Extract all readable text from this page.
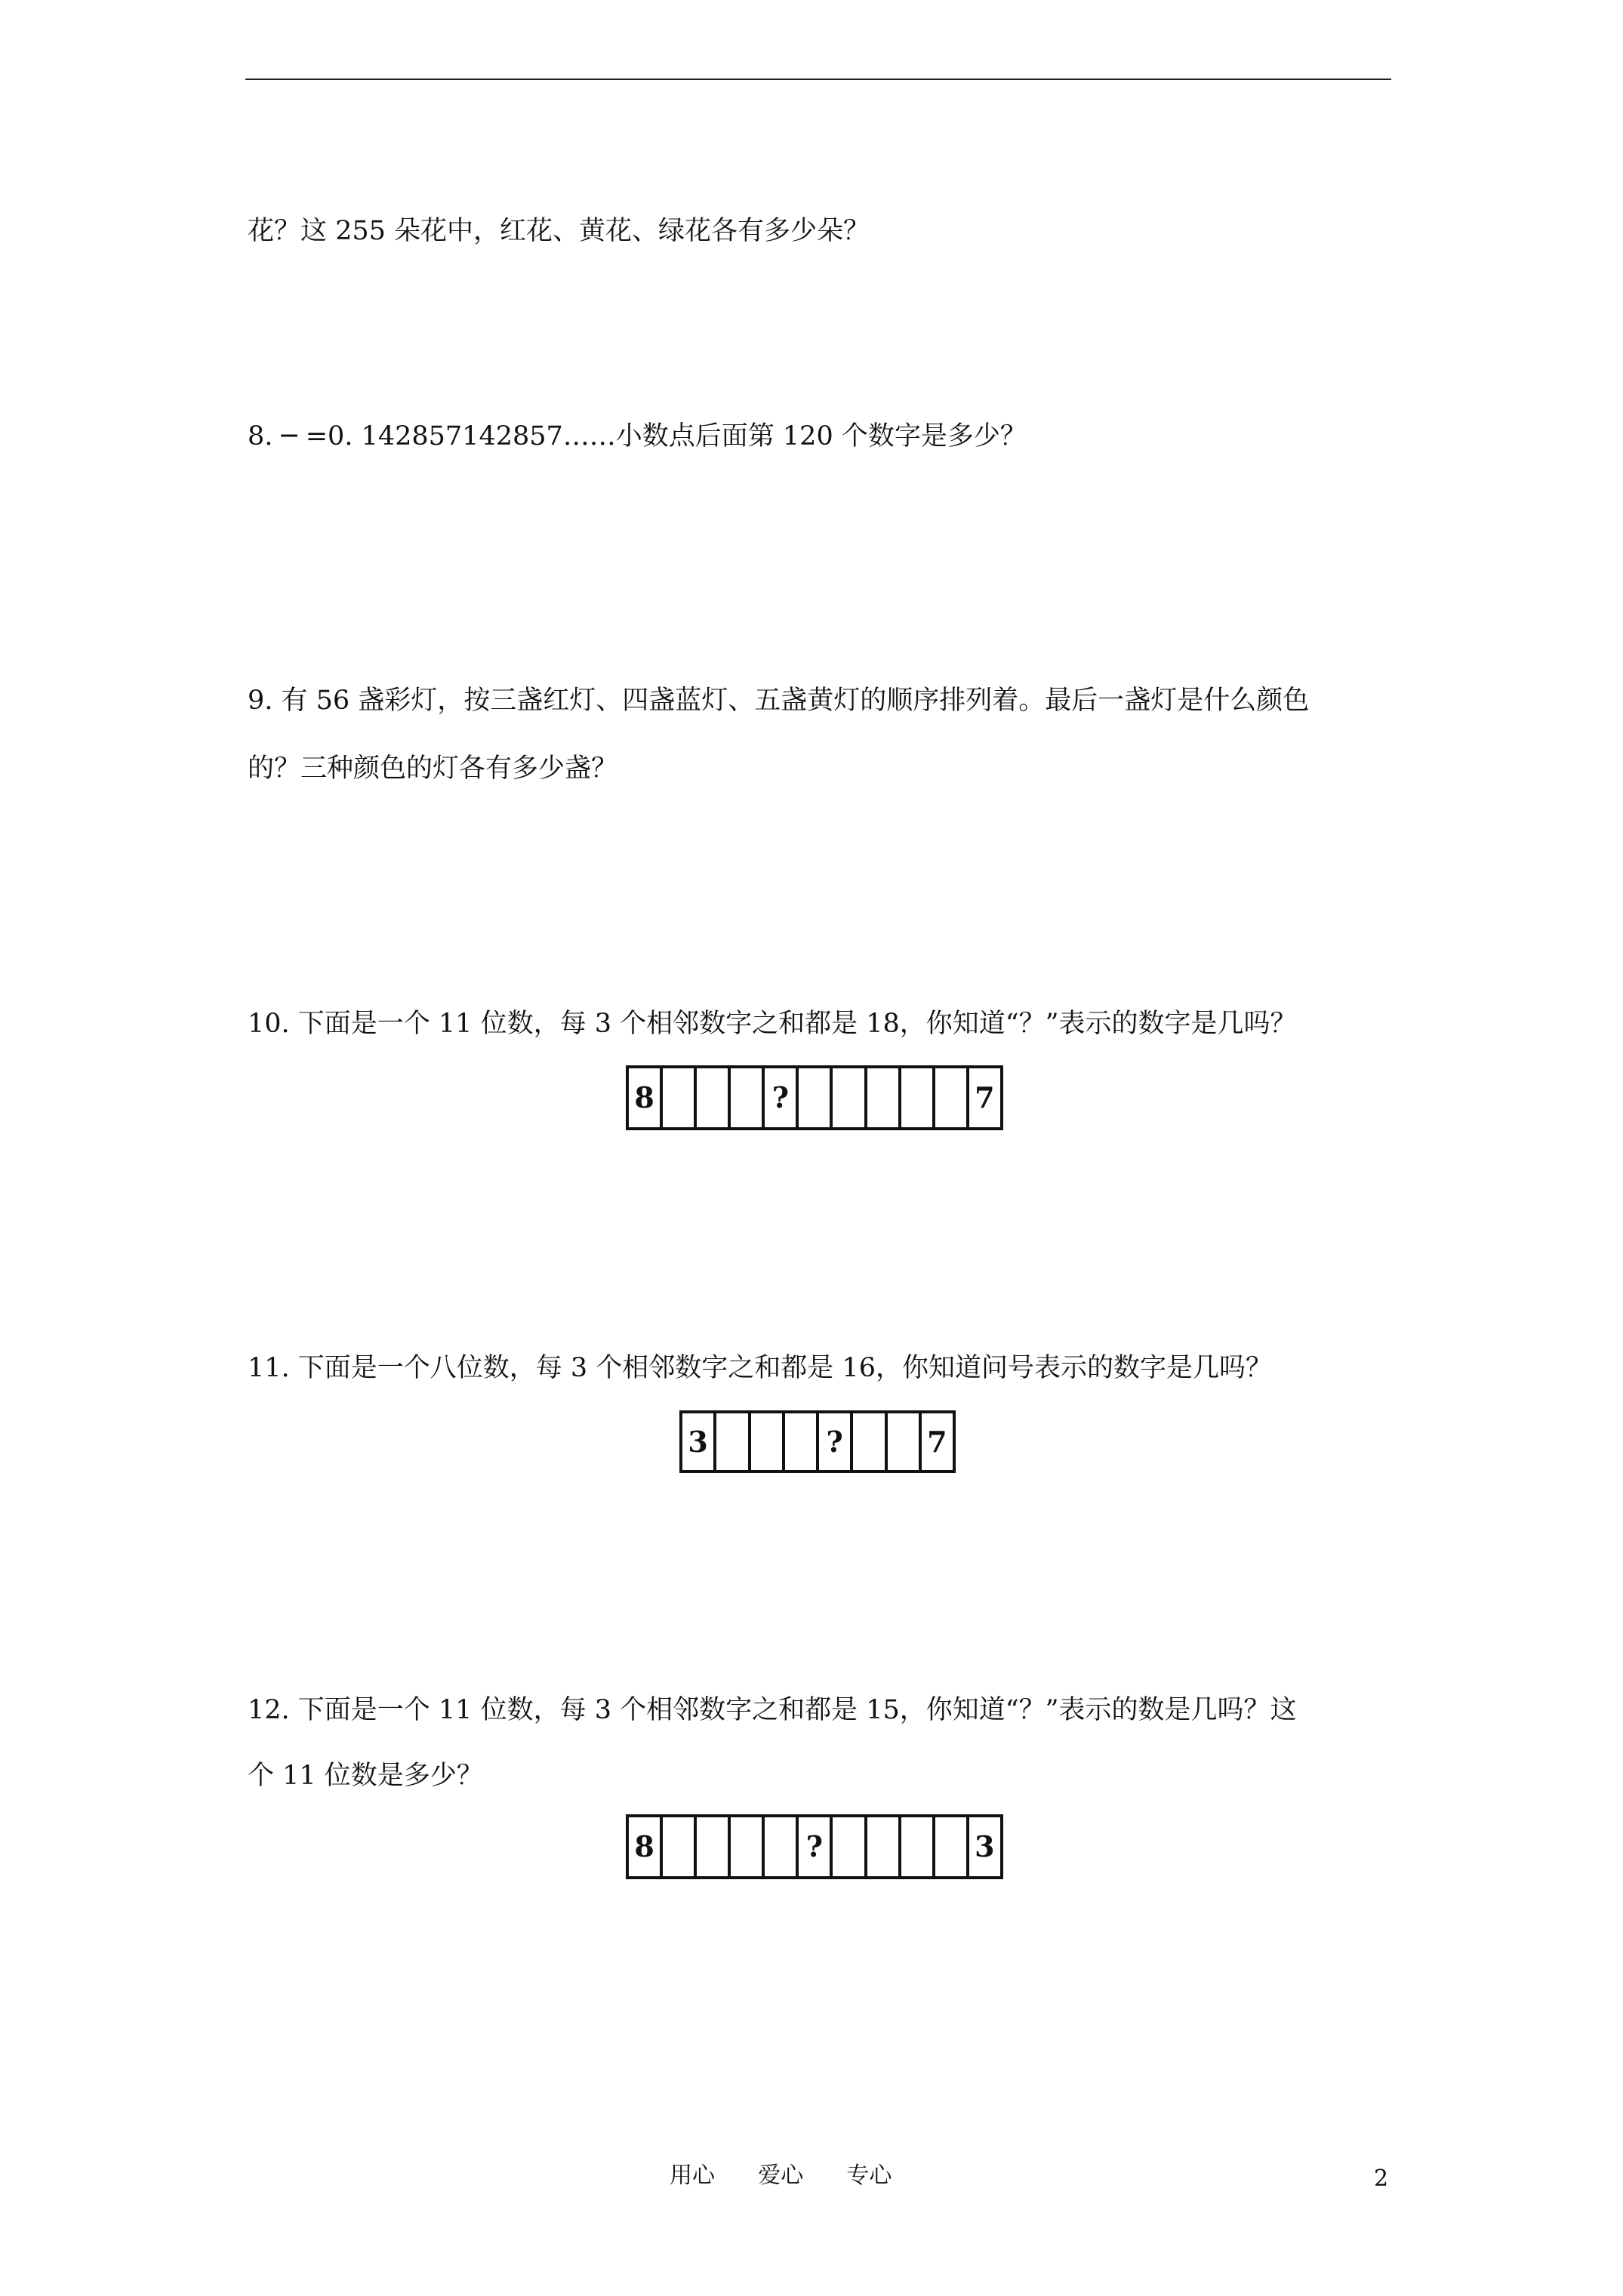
花？这 255 朵花中，红花、黄花、绿花各有多少朵？
8. ─ =0. 142857142857……小数点后面第 120 个数字是多少？
9. 有 56 盏彩灯，按三盏红灯、四盏蓝灯、五盏黄灯的顺序排列着。最后一盏灯是什么颜色
的？三种颜色的灯各有多少盏？
10. 下面是一个 11 位数，每 3 个相邻数字之和都是 18，你知道“？”表示的数字是几吗？
8	?	7
11. 下面是一个八位数，每 3 个相邻数字之和都是 16，你知道问号表示的数字是几吗？
3	?	7
12. 下面是一个 11 位数，每 3 个相邻数字之和都是 15，你知道“？”表示的数是几吗？这
个 11 位数是多少？
8	?	3
用心      爱心      专心	2
